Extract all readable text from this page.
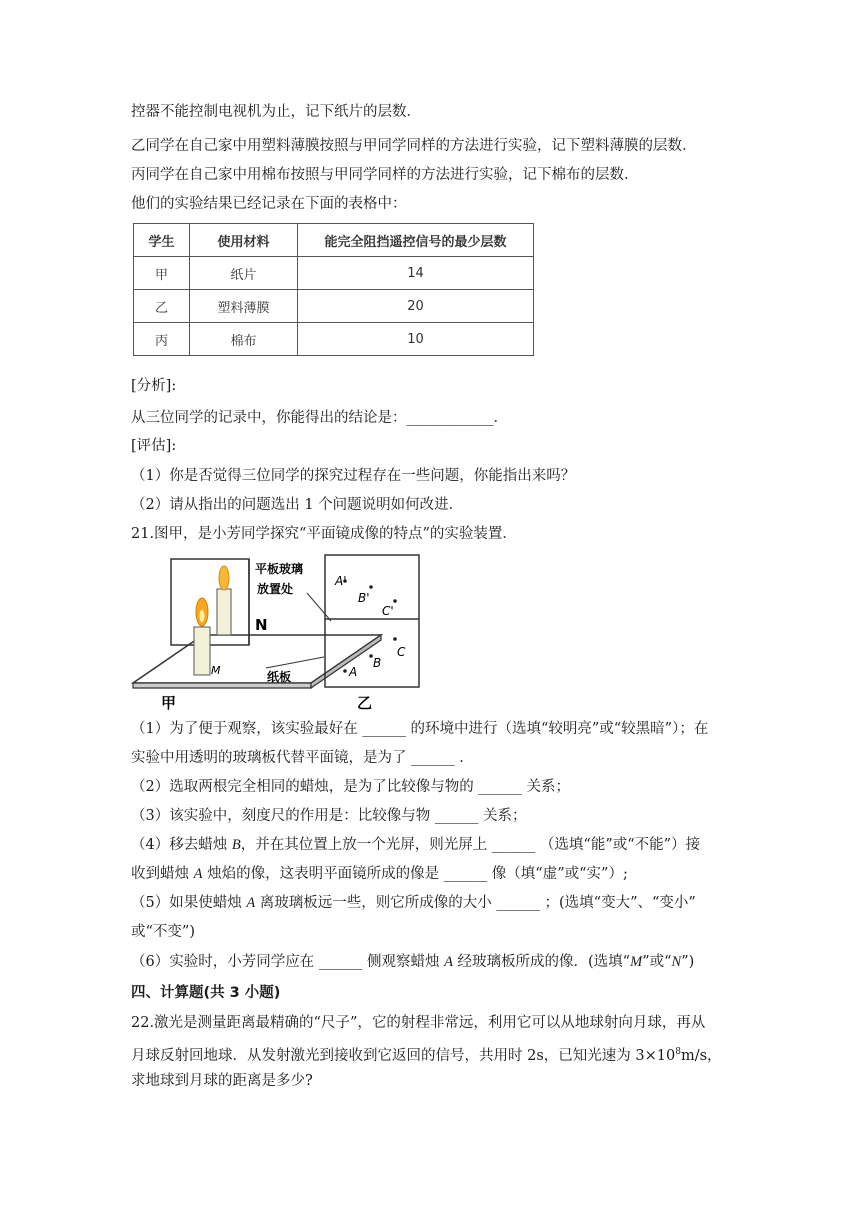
控器不能控制电视机为止，记下纸片的层数．
乙同学在自己家中用塑料薄膜按照与甲同学同样的方法进行实验，记下塑料薄膜的层数．
丙同学在自己家中用棉布按照与甲同学同样的方法进行实验，记下棉布的层数．
他们的实验结果已经记录在下面的表格中：
学生	使用材料	能完全阻挡遥控信号的最少层数
甲	纸片	14
乙	塑料薄膜	20
丙	棉布	10
[分析]:
从三位同学的记录中，你能得出的结论是：____________．
[评估]:
（1）你是否觉得三位同学的探究过程存在一些问题，你能指出来吗？
（2）请从指出的问题选出 1 个问题说明如何改进．
21.图甲，是小芳同学探究“平面镜成像的特点”的实验装置．
N
M
平板玻璃
放置处
纸板
甲
A'
B'
C'
A
B
C
乙
（1）为了便于观察，该实验最好在 ______ 的环境中进行（选填“较明亮”或“较黑暗”）；在
实验中用透明的玻璃板代替平面镜，是为了 ______ ．
（2）选取两根完全相同的蜡烛，是为了比较像与物的 ______ 关系；
（3）该实验中，刻度尺的作用是：比较像与物 ______ 关系；
（4）移去蜡烛 B，并在其位置上放一个光屏，则光屏上 ______ （选填“能”或“不能”）接
收到蜡烛 A 烛焰的像，这表明平面镜所成的像是 ______ 像（填“虚”或“实”）;
（5）如果使蜡烛 A 离玻璃板远一些，则它所成像的大小 ______ ；(选填“变大”、“变小”
或“不变”)
（6）实验时，小芳同学应在 ______ 侧观察蜡烛 A 经玻璃板所成的像．(选填“M”或“N”)
四、计算题(共 3 小题)
22.激光是测量距离最精确的“尺子”，它的射程非常远，利用它可以从地球射向月球，再从
月球反射回地球．从发射激光到接收到它返回的信号，共用时 2s，已知光速为 $3\times 10^8m/s$，
求地球到月球的距离是多少?
